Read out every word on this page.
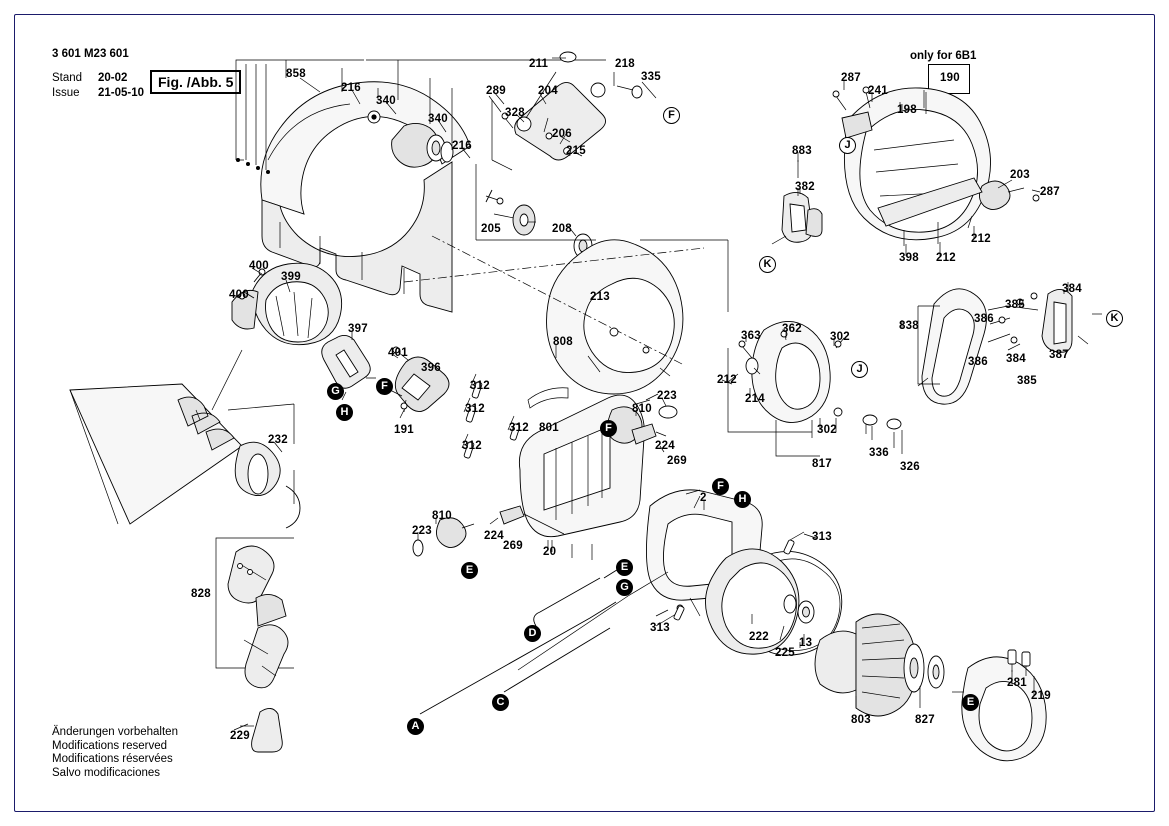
3 601 M23 601
Stand
Issue
20-02
21-05-10
Fig. /Abb. 5
only for 6B1
Änderungen vorbehalten
Modifications reserved
Modifications réservées
Salvo modificaciones
858
216
340
340
216
211	218
335
289	204
328
206
215
205	208
213
400
399
400
397
401
396
191
232
312
312
312
312
801
808
810
223
224
269
810
223	224
269 20
2
313
313
222
225
13
803	827
281
219
828
229
287
241
190
198
203
287
883
382
398 212
212
362
363	302
212
214
302
336
326
817
838
384
385
386
386 384
385
387
F
J
K
K
J
G	F
H
F
F
H
E	E
G
D
C
A
E
